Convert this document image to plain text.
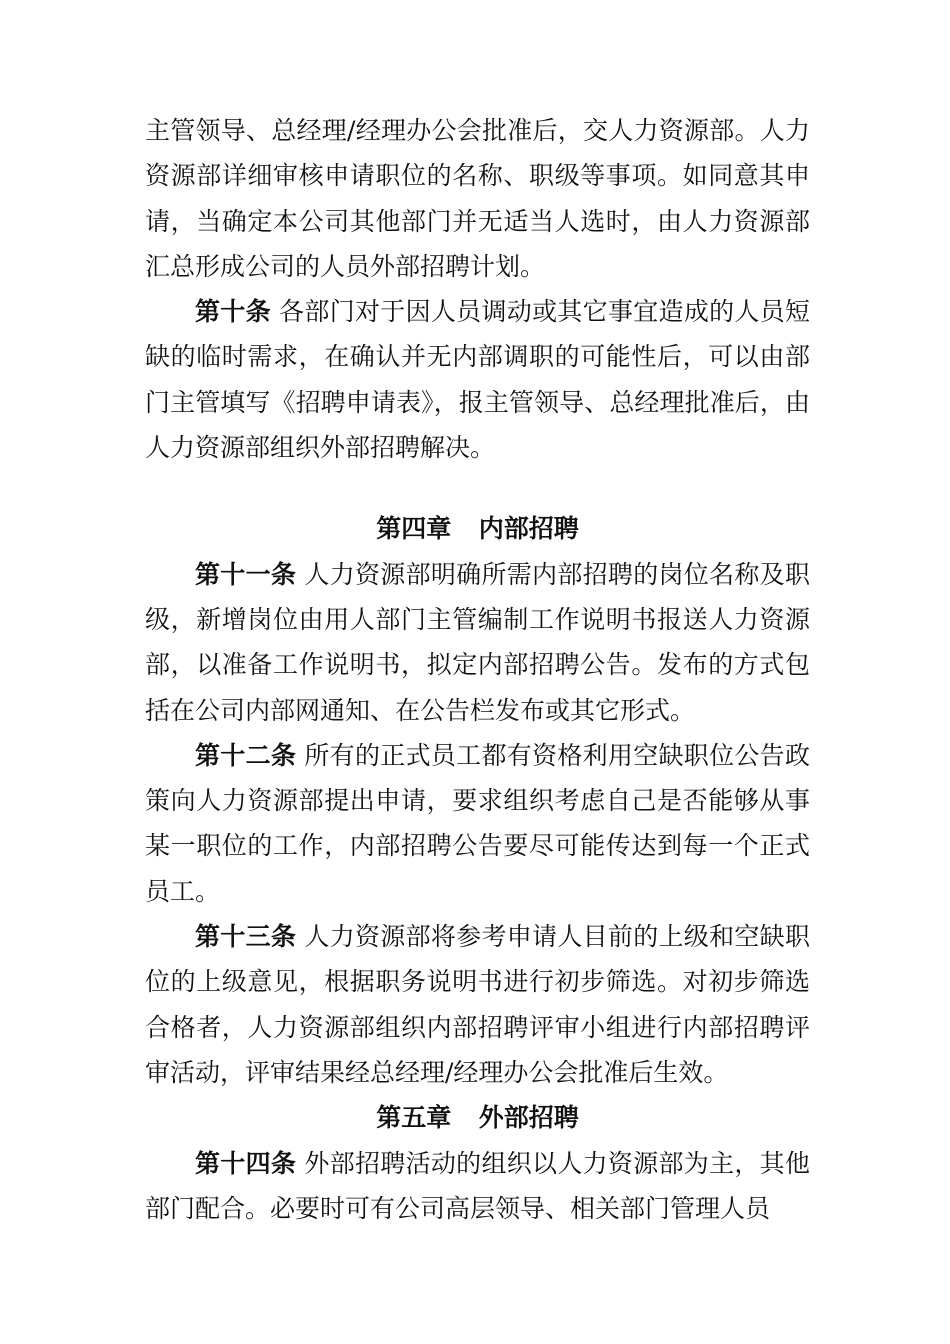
主管领导、总经理/经理办公会批准后，交人力资源部。人力资源部详细审核申请职位的名称、职级等事项。如同意其申请，当确定本公司其他部门并无适当人选时，由人力资源部汇总形成公司的人员外部招聘计划。

第十条 各部门对于因人员调动或其它事宜造成的人员短缺的临时需求，在确认并无内部调职的可能性后，可以由部门主管填写《招聘申请表》，报主管领导、总经理批准后，由人力资源部组织外部招聘解决。

第四章 内部招聘

第十一条 人力资源部明确所需内部招聘的岗位名称及职级，新增岗位由用人部门主管编制工作说明书报送人力资源部，以准备工作说明书，拟定内部招聘公告。发布的方式包括在公司内部网通知、在公告栏发布或其它形式。

第十二条 所有的正式员工都有资格利用空缺职位公告政策向人力资源部提出申请，要求组织考虑自己是否能够从事某一职位的工作，内部招聘公告要尽可能传达到每一个正式员工。

第十三条 人力资源部将参考申请人目前的上级和空缺职位的上级意见，根据职务说明书进行初步筛选。对初步筛选合格者，人力资源部组织内部招聘评审小组进行内部招聘评审活动，评审结果经总经理/经理办公会批准后生效。

第五章 外部招聘

第十四条 外部招聘活动的组织以人力资源部为主，其他部门配合。必要时可有公司高层领导、相关部门管理人员
